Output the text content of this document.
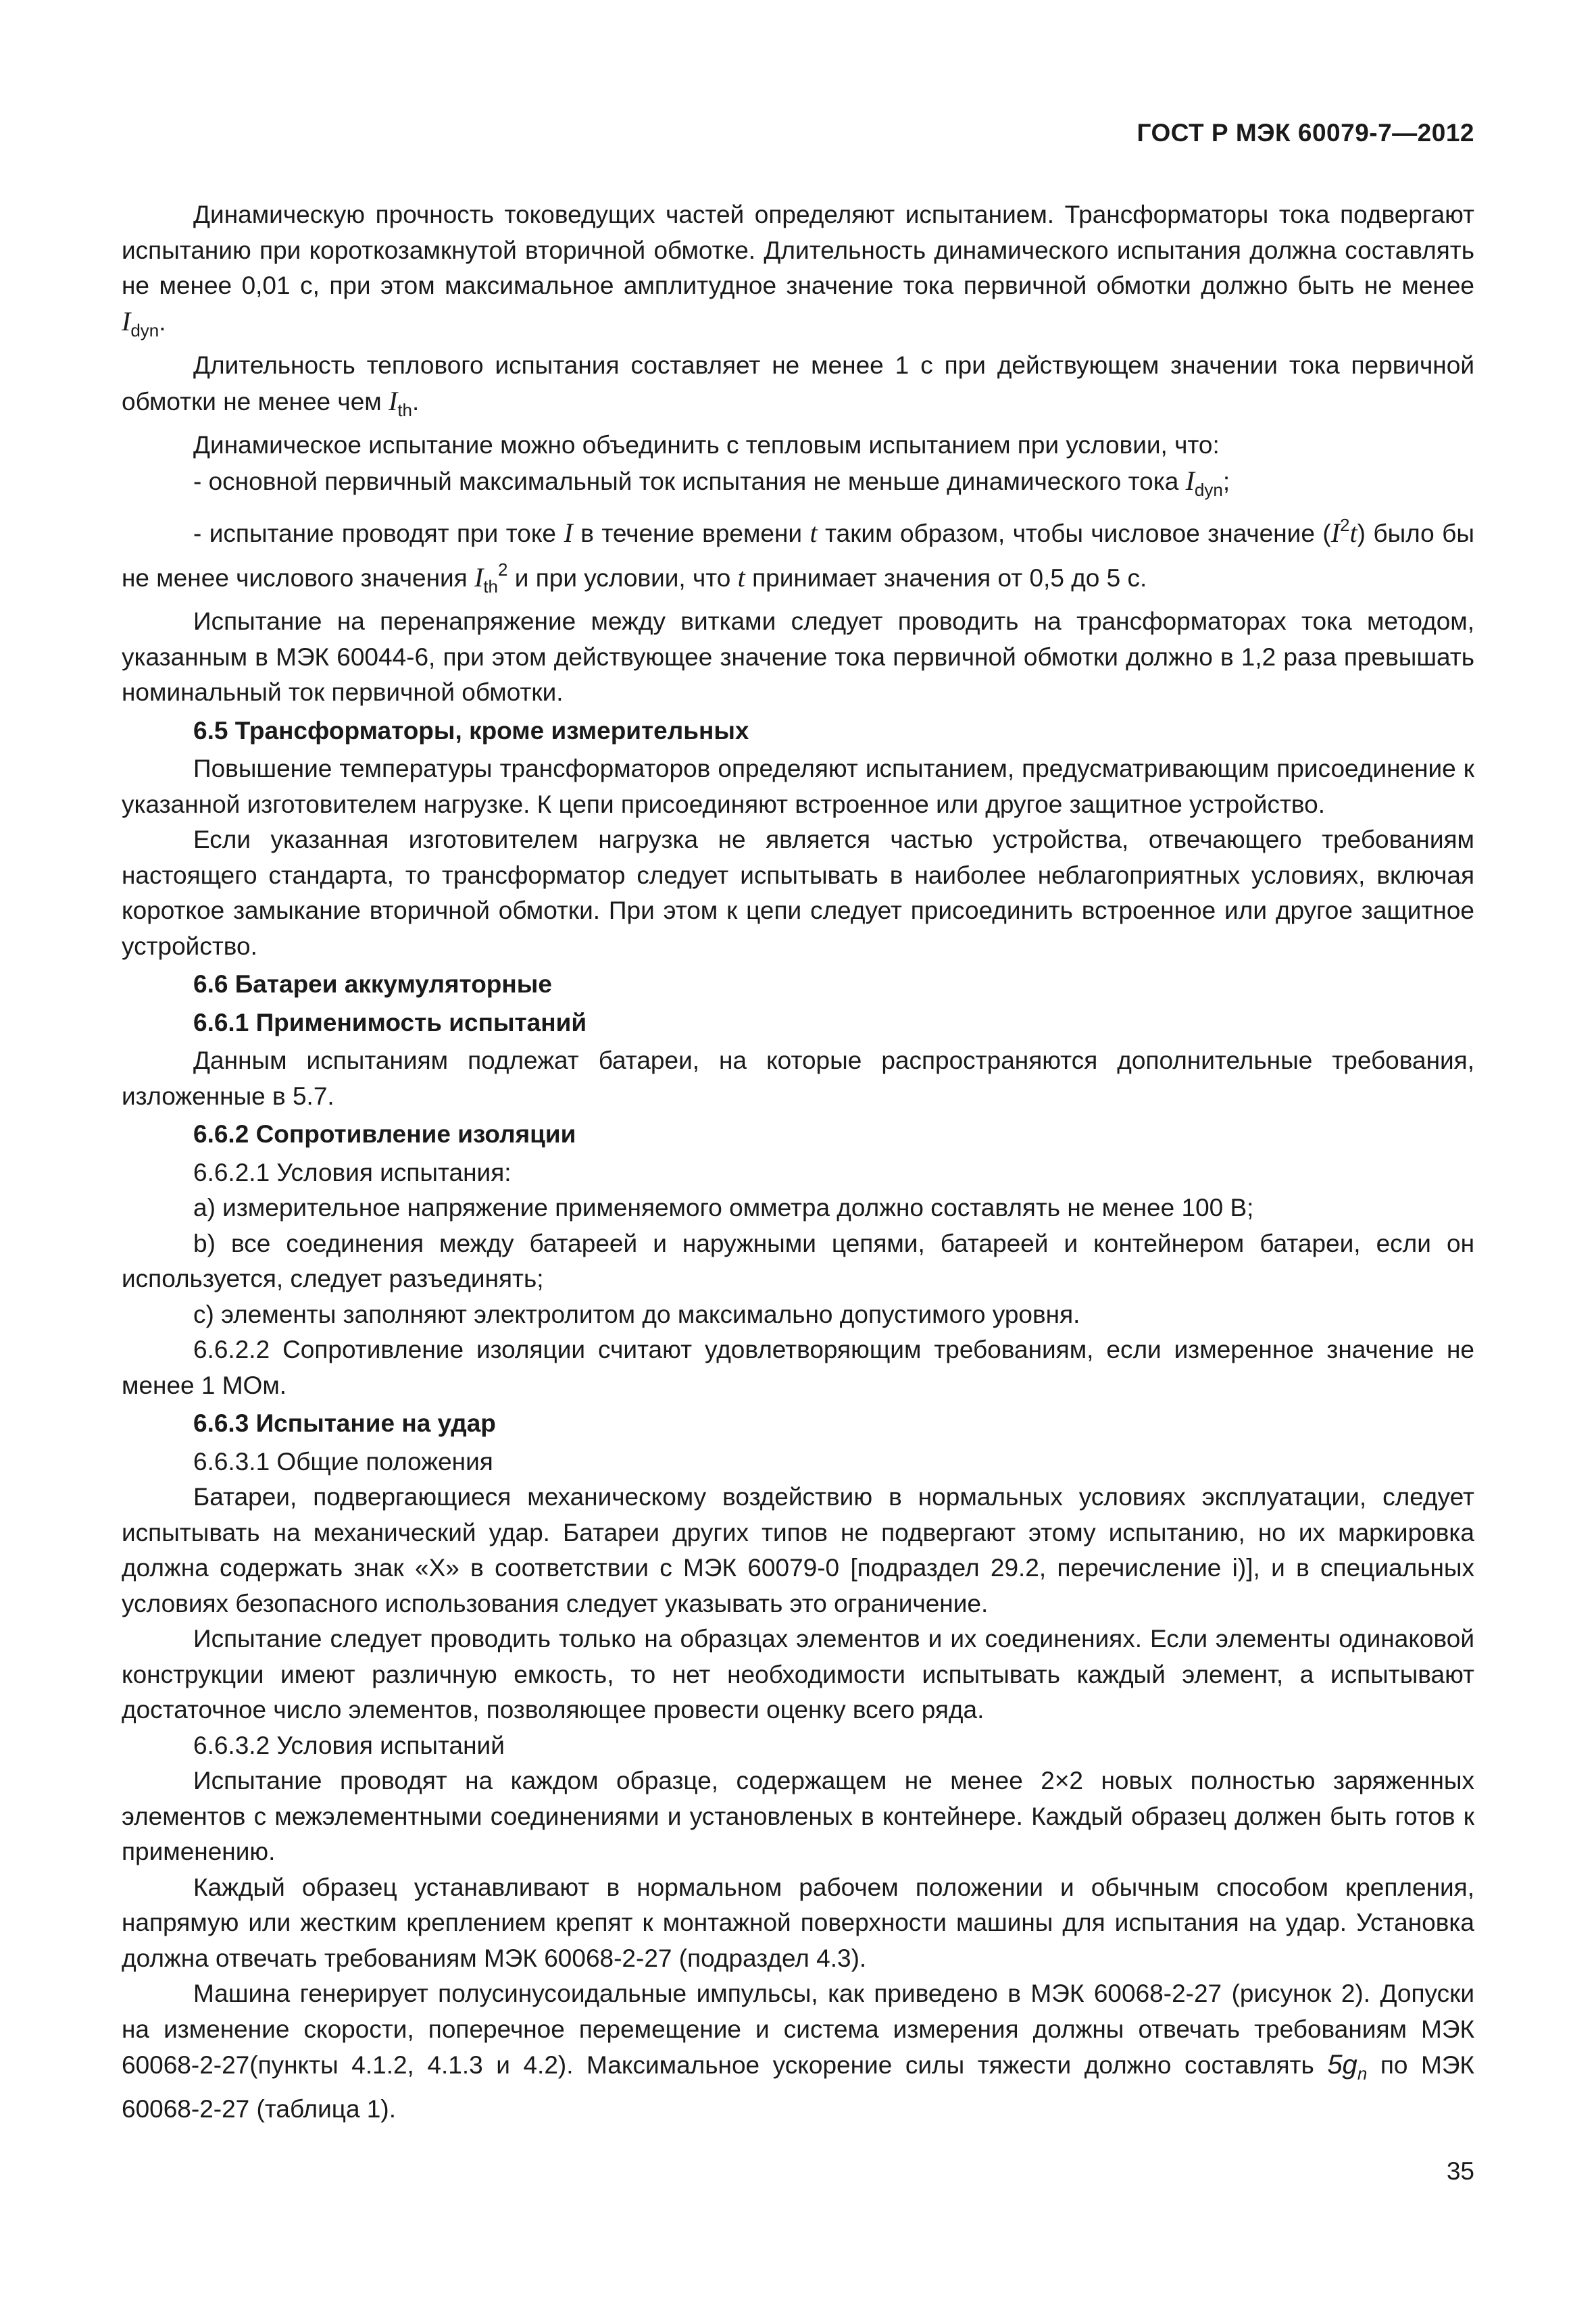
ГОСТ Р МЭК 60079-7—2012

Динамическую прочность токоведущих частей определяют испытанием. Трансформаторы тока подвергают испытанию при короткозамкнутой вторичной обмотке. Длительность динамического испытания должна составлять не менее 0,01 с, при этом максимальное амплитудное значение тока первичной обмотки должно быть не менее $I_{dyn}$.

Длительность теплового испытания составляет не менее 1 с при действующем значении тока первичной обмотки не менее чем $I_{th}$.

Динамическое испытание можно объединить с тепловым испытанием при условии, что:

- основной первичный максимальный ток испытания не меньше динамического тока $I_{dyn}$;

- испытание проводят при токе I в течение времени t таким образом, чтобы числовое значение $(I^2t)$ было бы не менее числового значения $I_{th}^2$ и при условии, что t принимает значения от 0,5 до 5 с.

Испытание на перенапряжение между витками следует проводить на трансформаторах тока методом, указанным в МЭК 60044-6, при этом действующее значение тока первичной обмотки должно в 1,2 раза превышать номинальный ток первичной обмотки.

6.5 Трансформаторы, кроме измерительных

Повышение температуры трансформаторов определяют испытанием, предусматривающим присоединение к указанной изготовителем нагрузке. К цепи присоединяют встроенное или другое защитное устройство.

Если указанная изготовителем нагрузка не является частью устройства, отвечающего требованиям настоящего стандарта, то трансформатор следует испытывать в наиболее неблагоприятных условиях, включая короткое замыкание вторичной обмотки. При этом к цепи следует присоединить встроенное или другое защитное устройство.

6.6 Батареи аккумуляторные

6.6.1 Применимость испытаний

Данным испытаниям подлежат батареи, на которые распространяются дополнительные требования, изложенные в 5.7.

6.6.2 Сопротивление изоляции

6.6.2.1 Условия испытания:

а) измерительное напряжение применяемого омметра должно составлять не менее 100 В;

b) все соединения между батареей и наружными цепями, батареей и контейнером батареи, если он используется, следует разъединять;

с) элементы заполняют электролитом до максимально допустимого уровня.

6.6.2.2 Сопротивление изоляции считают удовлетворяющим требованиям, если измеренное значение не менее 1 МОм.

6.6.3 Испытание на удар

6.6.3.1 Общие положения

Батареи, подвергающиеся механическому воздействию в нормальных условиях эксплуатации, следует испытывать на механический удар. Батареи других типов не подвергают этому испытанию, но их маркировка должна содержать знак «X» в соответствии с МЭК 60079-0 [подраздел 29.2, перечисление i)], и в специальных условиях безопасного использования следует указывать это ограничение.

Испытание следует проводить только на образцах элементов и их соединениях. Если элементы одинаковой конструкции имеют различную емкость, то нет необходимости испытывать каждый элемент, а испытывают достаточное число элементов, позволяющее провести оценку всего ряда.

6.6.3.2 Условия испытаний

Испытание проводят на каждом образце, содержащем не менее 2×2 новых полностью заряженных элементов с межэлементными соединениями и установленых в контейнере. Каждый образец должен быть готов к применению.

Каждый образец устанавливают в нормальном рабочем положении и обычным способом крепления, напрямую или жестким креплением крепят к монтажной поверхности машины для испытания на удар. Установка должна отвечать требованиям МЭК 60068-2-27 (подраздел 4.3).

Машина генерирует полусинусоидальные импульсы, как приведено в МЭК 60068-2-27 (рисунок 2). Допуски на изменение скорости, поперечное перемещение и система измерения должны отвечать требованиям МЭК 60068-2-27(пункты 4.1.2, 4.1.3 и 4.2). Максимальное ускорение силы тяжести должно составлять $5g_n$ по МЭК 60068-2-27 (таблица 1).

35
